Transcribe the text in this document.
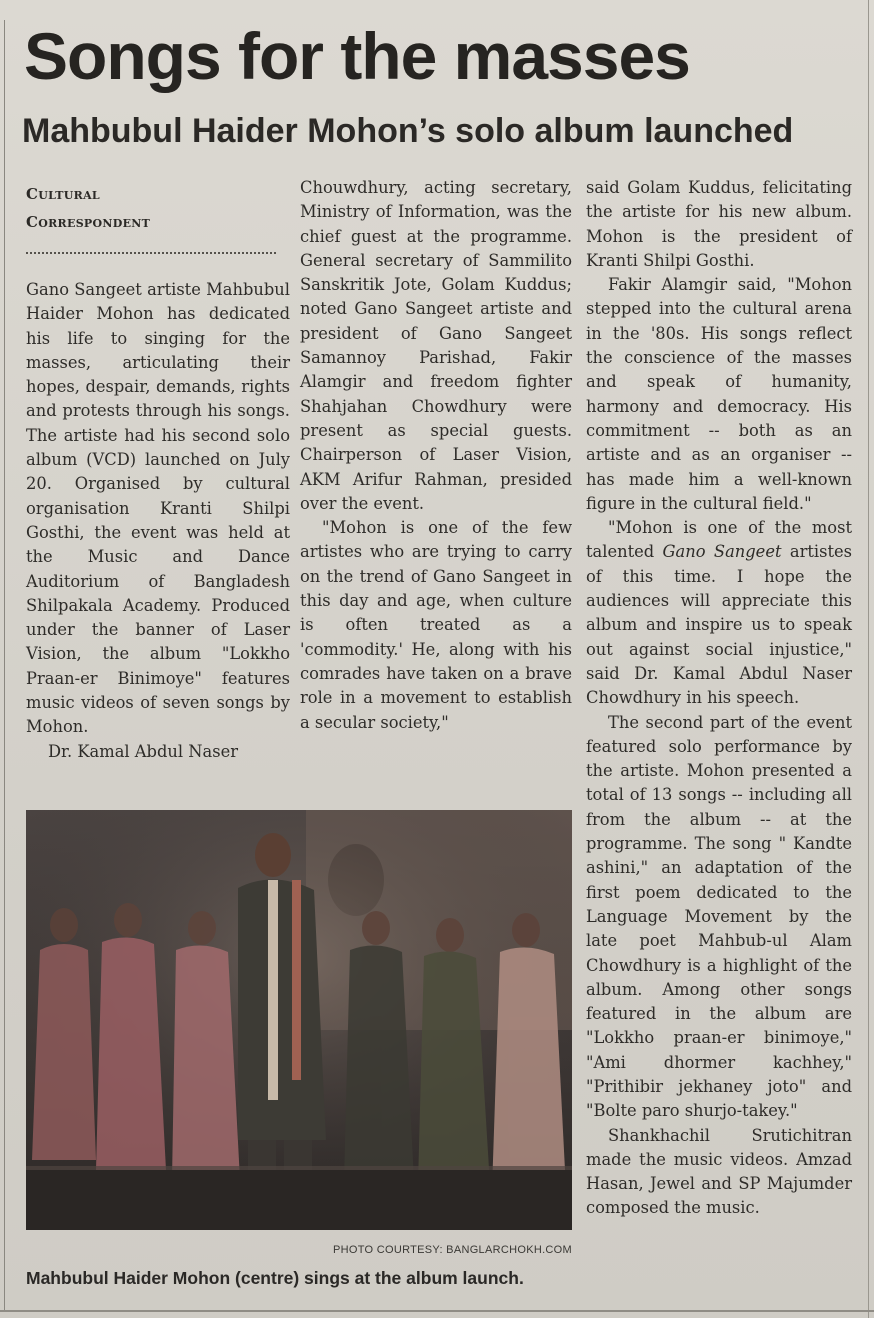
Songs for the masses
Mahbubul Haider Mohon’s solo album launched
Cultural
Correspondent

Gano Sangeet artiste Mahbubul Haider Mohon has dedicated his life to singing for the masses, articulating their hopes, despair, demands, rights and protests through his songs. The artiste had his second solo album (VCD) launched on July 20. Organised by cultural organisation Kranti Shilpi Gosthi, the event was held at the Music and Dance Auditorium of Bangladesh Shilpakala Academy. Produced under the banner of Laser Vision, the album "Lokkho Praan-er Binimoye" features music videos of seven songs by Mohon.

Dr. Kamal Abdul Naser

Chouwdhury, acting secretary, Ministry of Information, was the chief guest at the programme. General secretary of Sammilito Sanskritik Jote, Golam Kuddus; noted Gano Sangeet artiste and president of Gano Sangeet Samannoy Parishad, Fakir Alamgir and freedom fighter Shahjahan Chowdhury were present as special guests. Chairperson of Laser Vision, AKM Arifur Rahman, presided over the event.

"Mohon is one of the few artistes who are trying to carry on the trend of Gano Sangeet in this day and age, when culture is often treated as a 'commodity.' He, along with his comrades have taken on a brave role in a movement to establish a secular society,"

said Golam Kuddus, felicitating the artiste for his new album. Mohon is the president of Kranti Shilpi Gosthi.

Fakir Alamgir said, "Mohon stepped into the cultural arena in the '80s. His songs reflect the conscience of the masses and speak of humanity, harmony and democracy. His commitment -- both as an artiste and as an organiser -- has made him a well-known figure in the cultural field."

"Mohon is one of the most talented Gano Sangeet artistes of this time. I hope the audiences will appreciate this album and inspire us to speak out against social injustice," said Dr. Kamal Abdul Naser Chowdhury in his speech.

The second part of the event featured solo performance by the artiste. Mohon presented a total of 13 songs -- including all from the album -- at the programme. The song " Kandte ashini," an adaptation of the first poem dedicated to the Language Movement by the late poet Mahbub-ul Alam Chowdhury is a highlight of the album. Among other songs featured in the album are "Lokkho praan-er binimoye," "Ami dhormer kachhey," "Prithibir jekhaney joto" and "Bolte paro shurjo-takey."

Shankhachil Srutichitran made the music videos. Amzad Hasan, Jewel and SP Majumder composed the music.

PHOTO COURTESY: BANGLARCHOKH.COM
Mahbubul Haider Mohon (centre) sings at the album launch.
